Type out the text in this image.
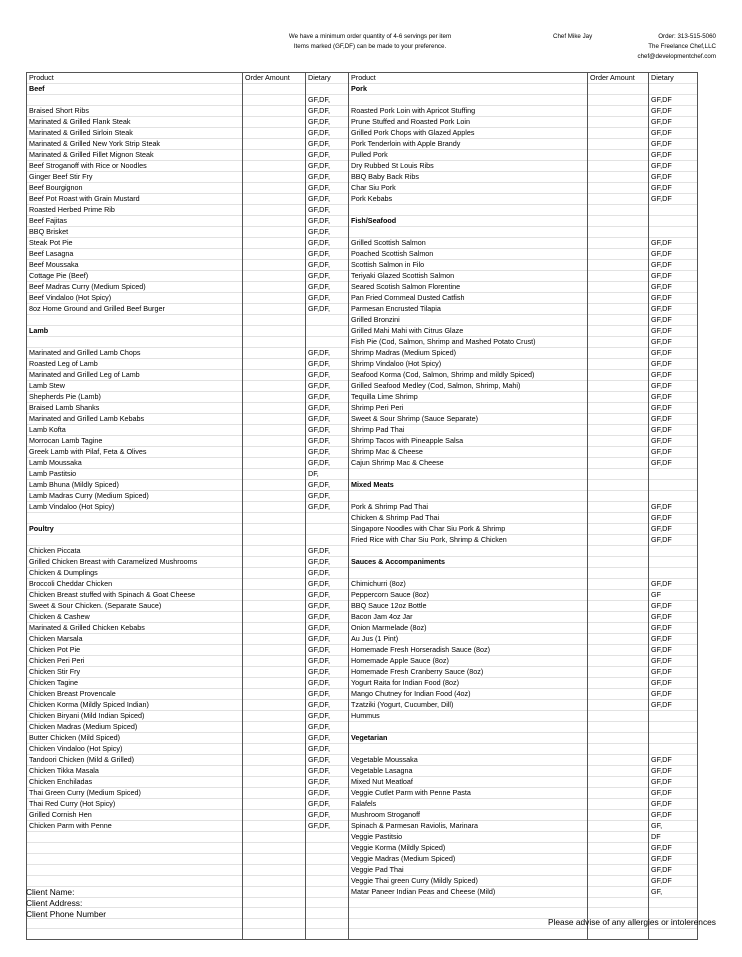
We have a minimum order quantity of 4-6 servings per item
Items marked (GF,DF) can be made to your preference.
Chef Mike Jay	Order: 313-515-5060
The Freelance Chef,LLC
chef@developmentchef.com
Product	Order Amount	Dietary	Product	Order Amount	Dietary
Beef			Pork		
		GF,DF,			GF,DF
Braised Short Ribs		GF,DF,	Roasted Pork Loin with Apricot Stuffing		GF,DF
Marinated & Grilled Flank Steak		GF,DF,	Prune Stuffed and Roasted Pork Loin		GF,DF
Marinated & Grilled Sirloin Steak		GF,DF,	Grilled Pork Chops with Glazed Apples		GF,DF
Marinated & Grilled New York Strip Steak		GF,DF,	Pork Tenderloin with Apple Brandy		GF,DF
Marinated & Grilled Fillet Mignon Steak		GF,DF,	Pulled Pork		GF,DF
Beef Stroganoff with Rice or Noodles		GF,DF,	Dry Rubbed St Louis Ribs		GF,DF
Ginger Beef Stir Fry		GF,DF,	BBQ Baby Back Ribs		GF,DF
Beef Bourgignon		GF,DF,	Char Siu Pork		GF,DF
Beef Pot Roast with Grain Mustard		GF,DF,	Pork Kebabs		GF,DF
Roasted Herbed Prime Rib		GF,DF,			
Beef Fajitas		GF,DF,	Fish/Seafood		
BBQ Brisket		GF,DF,			
Steak Pot Pie		GF,DF,	Grilled Scottish Salmon		GF,DF
Beef Lasagna		GF,DF,	Poached Scottish Salmon		GF,DF
Beef Moussaka		GF,DF,	Scottish Salmon in Filo		GF,DF
Cottage Pie (Beef)		GF,DF,	Teriyaki Glazed Scottish Salmon		GF,DF
Beef Madras Curry (Medium Spiced)		GF,DF,	Seared Scotish Salmon Florentine		GF,DF
Beef Vindaloo (Hot Spicy)		GF,DF,	Pan Fried Cornmeal Dusted Catfish		GF,DF
8oz Home Ground and Grilled Beef Burger		GF,DF,	Parmesan Encrusted Tilapia		GF,DF
			Grilled Bronzini		GF,DF
Lamb			Grilled Mahi Mahi with Citrus Glaze		GF,DF
			Fish Pie (Cod, Salmon, Shrimp and Mashed Potato Crust)		GF,DF
Marinated and Grilled Lamb Chops		GF,DF,	Shrimp Madras (Medium Spiced)		GF,DF
Roasted Leg of Lamb		GF,DF,	Shrimp Vindaloo (Hot Spicy)		GF,DF
Marinated and Grilled Leg of Lamb		GF,DF,	Seafood Korma (Cod, Salmon, Shrimp and mildly Spiced)		GF,DF
Lamb Stew		GF,DF,	Grilled Seafood Medley (Cod, Salmon, Shrimp, Mahi)		GF,DF
Shepherds Pie (Lamb)		GF,DF,	Tequilla Lime Shrimp		GF,DF
Braised Lamb Shanks		GF,DF,	Shrimp Peri Peri		GF,DF
Marinated and Grilled Lamb Kebabs		GF,DF,	Sweet & Sour Shrimp (Sauce Separate)		GF,DF
Lamb Kofta		GF,DF,	Shrimp Pad Thai		GF,DF
Morrocan Lamb Tagine		GF,DF,	Shrimp Tacos with Pineapple Salsa		GF,DF
Greek Lamb with Pilaf, Feta & Olives		GF,DF,	Shrimp Mac & Cheese		GF,DF
Lamb Moussaka		GF,DF,	Cajun Shrimp Mac & Cheese		GF,DF
Lamb Pastitsio		DF,			
Lamb Bhuna (Mildly Spiced)		GF,DF,	Mixed Meats		
Lamb Madras Curry (Medium Spiced)		GF,DF,			
Lamb Vindaloo (Hot Spicy)		GF,DF,	Pork & Shrimp Pad Thai		GF,DF
			Chicken & Shrimp Pad Thai		GF,DF
Poultry			Singapore Noodles with Char Siu Pork & Shrimp		GF,DF
			Fried Rice with Char Siu Pork, Shrimp & Chicken		GF,DF
Chicken Piccata		GF,DF,			
Grilled Chicken Breast with Caramelized Mushrooms		GF,DF,	Sauces & Accompaniments		
Chicken & Dumplings		GF,DF,			
Broccoli Cheddar Chicken		GF,DF,	Chimichurri (8oz)		GF,DF
Chicken Breast stuffed with Spinach & Goat Cheese		GF,DF,	Peppercorn Sauce (8oz)		GF
Sweet & Sour Chicken. (Separate Sauce)		GF,DF,	BBQ Sauce 12oz Bottle		GF,DF
Chicken & Cashew		GF,DF,	Bacon Jam 4oz Jar		GF,DF
Marinated & Grilled Chicken Kebabs		GF,DF,	Onion Marmelade (8oz)		GF,DF
Chicken Marsala		GF,DF,	Au Jus (1 Pint)		GF,DF
Chicken Pot Pie		GF,DF,	Homemade Fresh Horseradish Sauce (8oz)		GF,DF
Chicken Peri Peri		GF,DF,	Homemade Apple Sauce (8oz)		GF,DF
Chicken Stir Fry		GF,DF,	Homemade Fresh Cranberry Sauce (8oz)		GF,DF
Chicken Tagine		GF,DF,	Yogurt Raita for Indian Food (8oz)		GF,DF
Chicken Breast Provencale		GF,DF,	Mango Chutney for Indian Food (4oz)		GF,DF
Chicken Korma (Mildly Spiced Indian)		GF,DF,	Tzatziki (Yogurt, Cucumber, Dill)		GF,DF
Chicken Biryani (Mild Indian Spiced)		GF,DF,	Hummus		
Chicken Madras (Medium Spiced)		GF,DF,			
Butter Chicken (Mild Spiced)		GF,DF,	Vegetarian		
Chicken Vindaloo (Hot Spicy)		GF,DF,			
Tandoori Chicken (Mild & Grilled)		GF,DF,	Vegetable Moussaka		GF,DF
Chicken Tikka Masala		GF,DF,	Vegetable Lasagna		GF,DF
Chicken Enchiladas		GF,DF,	Mixed Nut Meatloaf		GF,DF
Thai Green Curry (Medium Spiced)		GF,DF,	Veggie Cutlet Parm with Penne Pasta		GF,DF
Thai Red Curry (Hot Spicy)		GF,DF,	Falafels		GF,DF
Grilled Cornish Hen		GF,DF,	Mushroom Stroganoff		GF,DF
Chicken Parm with Penne		GF,DF,	Spinach & Parmesan Raviolis, Marinara		GF,
			Veggie Pastitsio		DF
			Veggie Korma (Mildly Spiced)		GF,DF
			Veggie Madras (Medium Spiced)		GF,DF
			Veggie Pad Thai		GF,DF
			Veggie Thai green Curry (Mildly Spiced)		GF,DF
			Matar Paneer Indian Peas and Cheese (Mild)		GF,

Client Name:
Client Address:
Client Phone Number
Please advise of any allergies or intolerences
